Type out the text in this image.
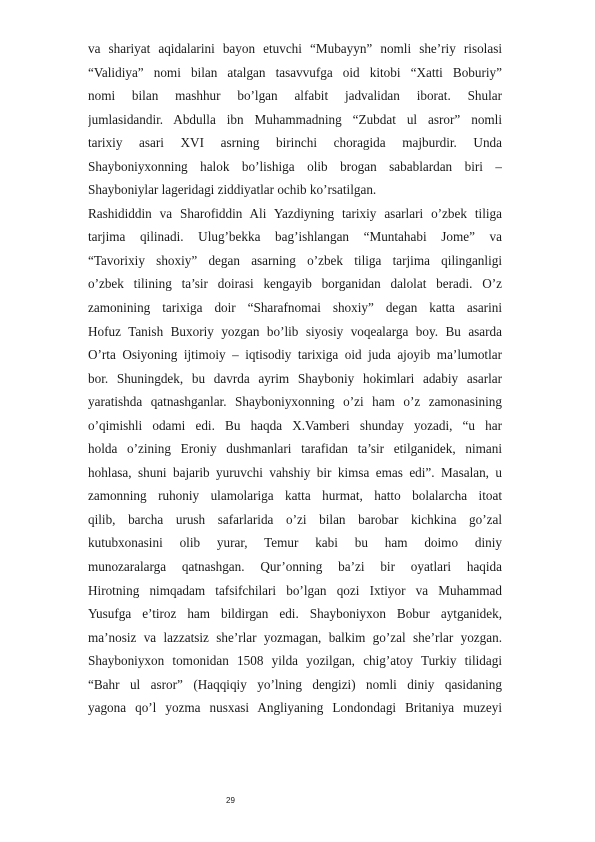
va shariyat aqidalarini bayon etuvchi “Mubayyn” nomli she’riy risolasi
“Validiya” nomi bilan atalgan tasavvufga oid kitobi “Xatti Boburiy”
nomi bilan mashhur bo’lgan alfabit jadvalidan iborat. Shular
jumlasidandir. Abdulla ibn Muhammadning “Zubdat ul asror” nomli
tarixiy asari XVI asrning birinchi choragida majburdir. Unda
Shayboniyxonning halok bo’lishiga olib brogan sabablardan biri –
Shayboniylar lageridagi ziddiyatlar ochib ko’rsatilgan.
Rashididdin va Sharofiddin Ali Yazdiyning tarixiy asarlari o’zbek tiliga
tarjima qilinadi. Ulug’bekka bag’ishlangan “Muntahabi Jome” va
“Tavorixiy shoxiy” degan asarning o’zbek tiliga tarjima qilinganligi
o’zbek tilining ta’sir doirasi kengayib borganidan dalolat beradi. O’z
zamonining tarixiga doir “Sharafnomai shoxiy” degan katta asarini
Hofuz Tanish Buxoriy yozgan bo’lib siyosiy voqealarga boy. Bu asarda
O’rta Osiyoning ijtimoiy – iqtisodiy tarixiga oid juda ajoyib ma’lumotlar
bor. Shuningdek, bu davrda ayrim Shayboniy hokimlari adabiy asarlar
yaratishda qatnashganlar. Shayboniyxonning o’zi ham o’z zamonasining
o’qimishli odami edi. Bu haqda X.Vamberi shunday yozadi, “u har
holda o’zining Eroniy dushmanlari tarafidan ta’sir etilganidek, nimani
hohlasa, shuni bajarib yuruvchi vahshiy bir kimsa emas edi”. Masalan, u
zamonning ruhoniy ulamolariga katta hurmat, hatto bolalarcha itoat
qilib, barcha urush safarlarida o’zi bilan barobar kichkina go’zal
kutubxonasini olib yurar, Temur kabi bu ham doimo diniy
munozaralarga qatnashgan. Qur’onning ba’zi bir oyatlari haqida
Hirotning nimqadam tafsifchilari bo’lgan qozi Ixtiyor va Muhammad
Yusufga e’tiroz ham bildirgan edi. Shayboniyxon Bobur aytganidek,
ma’nosiz va lazzatsiz she’rlar yozmagan, balkim go’zal she’rlar yozgan.
Shayboniyxon tomonidan 1508 yilda yozilgan, chig’atoy Turkiy tilidagi
“Bahr ul asror” (Haqqiqiy yo’lning dengizi) nomli diniy qasidaning
yagona qo’l yozma nusxasi Angliyaning Londondagi Britaniya muzeyi
29
